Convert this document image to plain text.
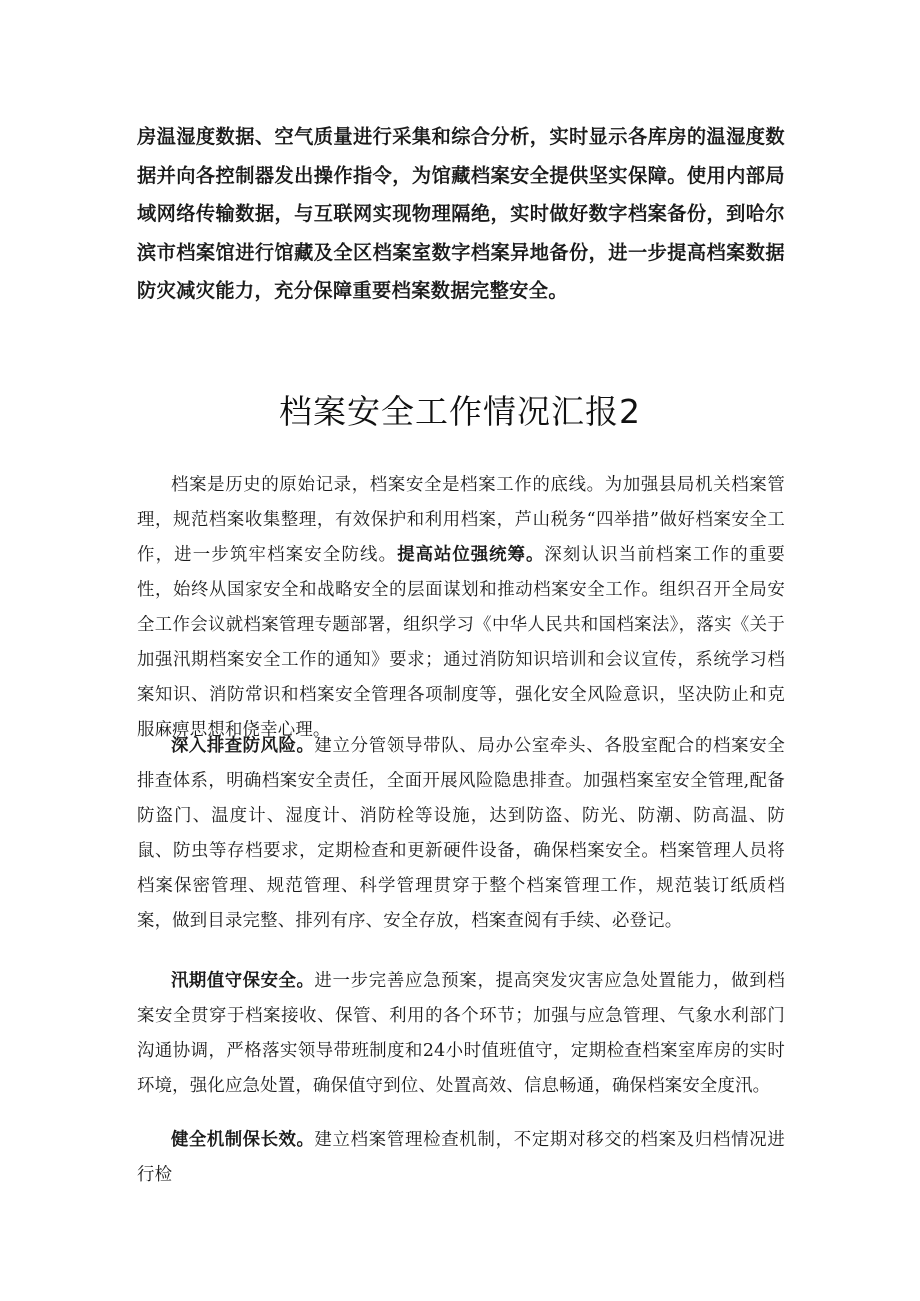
房温湿度数据、空气质量进行采集和综合分析，实时显示各库房的温湿度数据并向各控制器发出操作指令，为馆藏档案安全提供坚实保障。使用内部局域网络传输数据，与互联网实现物理隔绝，实时做好数字档案备份，到哈尔滨市档案馆进行馆藏及全区档案室数字档案异地备份，进一步提高档案数据防灾减灾能力，充分保障重要档案数据完整安全。
档案安全工作情况汇报2

档案是历史的原始记录，档案安全是档案工作的底线。为加强县局机关档案管理，规范档案收集整理，有效保护和利用档案，芦山税务“四举措”做好档案安全工作，进一步筑牢档案安全防线。提高站位强统筹。深刻认识当前档案工作的重要性，始终从国家安全和战略安全的层面谋划和推动档案安全工作。组织召开全局安全工作会议就档案管理专题部署，组织学习《中华人民共和国档案法》，落实《关于加强汛期档案安全工作的通知》要求；通过消防知识培训和会议宣传，系统学习档案知识、消防常识和档案安全管理各项制度等，强化安全风险意识，坚决防止和克服麻痹思想和侥幸心理。

深入排查防风险。建立分管领导带队、局办公室牵头、各股室配合的档案安全排查体系，明确档案安全责任，全面开展风险隐患排查。加强档案室安全管理,配备防盗门、温度计、湿度计、消防栓等设施，达到防盗、防光、防潮、防高温、防鼠、防虫等存档要求，定期检查和更新硬件设备，确保档案安全。档案管理人员将档案保密管理、规范管理、科学管理贯穿于整个档案管理工作，规范装订纸质档案，做到目录完整、排列有序、安全存放，档案查阅有手续、必登记。

汛期值守保安全。进一步完善应急预案，提高突发灾害应急处置能力，做到档案安全贯穿于档案接收、保管、利用的各个环节；加强与应急管理、气象水利部门沟通协调，严格落实领导带班制度和24小时值班值守，定期检查档案室库房的实时环境，强化应急处置，确保值守到位、处置高效、信息畅通，确保档案安全度汛。

健全机制保长效。建立档案管理检查机制，不定期对移交的档案及归档情况进行检
